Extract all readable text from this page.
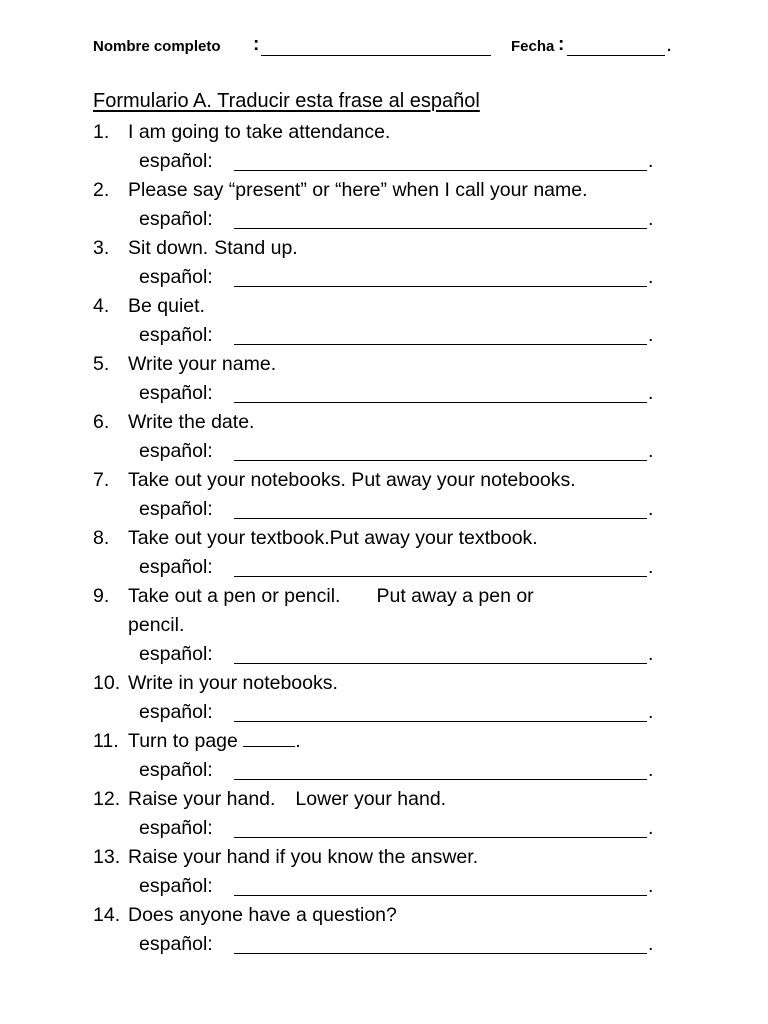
Nombre completo :	Fecha :	.
Formulario A. Traducir esta frase al español
1. I am going to take attendance.
español:	.
2. Please say “present” or “here” when I call your name.
español:	.
3. Sit down. Stand up.
español:	.
4. Be quiet.
español:	.
5. Write your name.
español:	.
6. Write the date.
español:	.
7. Take out your notebooks. Put away your notebooks.
español:	.
8. Take out your textbook.Put away your textbook.
español:	.
9. Take out a pen or pencil. Put away a pen or
pencil.
español:	.
10. Write in your notebooks.
español:	.
11. Turn to page	.
español:	.
12. Raise your hand. Lower your hand.
español:	.
13. Raise your hand if you know the answer.
español:	.
14. Does anyone have a question?
español:	.
